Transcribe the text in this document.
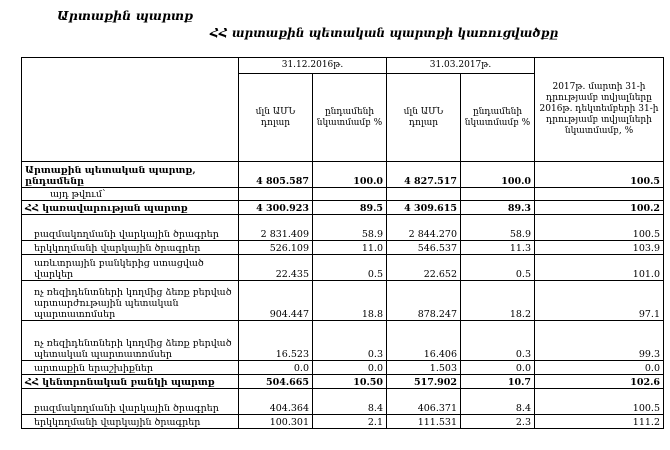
Արտաքին պարտք
ՀՀ արտաքին պետական պարտքի կառուցվածքը
	31.12.2016թ.		31.03.2017թ.		2017թ. մարտի 31-ի դրությամբ տվյալները 2016թ. դեկտեմբերի 31-ի դրությամբ տվյալների նկատմամբ, %
	մլն ԱՄՆ դոլար	ընդամենի նկատմամբ %	մլն ԱՄՆ դոլար	ընդամենի նկատմամբ %	
Արտաքին պետական պարտք, ընդամենը	4 805.587	100.0	4 827.517	100.0	100.5
այդ թվում՝					
ՀՀ կառավարության պարտք	4 300.923	89.5	4 309.615	89.3	100.2
բազմակողմանի վարկային ծրագրեր	2 831.409	58.9	2 844.270	58.9	100.5
երկկողմանի վարկային ծրագրեր	526.109	11.0	546.537	11.3	103.9
առևտրային բանկերից ստացված վարկեր	22.435	0.5	22.652	0.5	101.0
ոչ ռեզիդենտների կողմից ձեռք բերված արտարժութային պետական պարտատոմսեր	904.447	18.8	878.247	18.2	97.1
ոչ ռեզիդենտների կողմից ձեռք բերված պետական պարտատոմսեր	16.523	0.3	16.406	0.3	99.3
արտաքին երաշխիքներ	0.0	0.0	1.503	0.0	0.0
ՀՀ կենտրոնական բանկի պարտք	504.665	10.50	517.902	10.7	102.6
բազմակողմանի վարկային ծրագրեր	404.364	8.4	406.371	8.4	100.5
երկկողմանի վարկային ծրագրեր	100.301	2.1	111.531	2.3	111.2
